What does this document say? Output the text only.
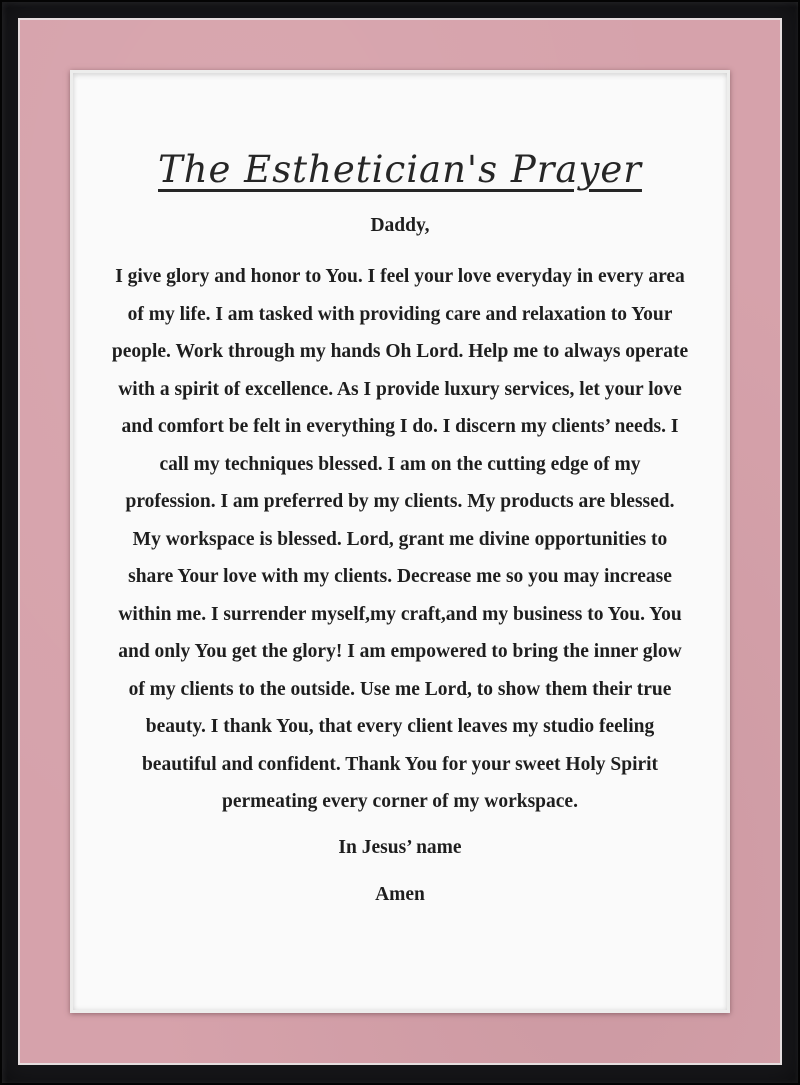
The Esthetician's Prayer

Daddy,

I give glory and honor to You. I feel your love everyday in every area
of my life. I am tasked with providing care and relaxation to Your
people. Work through my hands Oh Lord. Help me to always operate
with a spirit of excellence. As I provide luxury services, let your love
and comfort be felt in everything I do. I discern my clients’ needs. I
call my techniques blessed. I am on the cutting edge of my
profession. I am preferred by my clients. My products are blessed.
My workspace is blessed. Lord, grant me divine opportunities to
share Your love with my clients. Decrease me so you may increase
within me. I surrender myself,my craft,and my business to You. You
and only You get the glory! I am empowered to bring the inner glow
of my clients to the outside. Use me Lord, to show them their true
beauty. I thank You, that every client leaves my studio feeling
beautiful and confident. Thank You for your sweet Holy Spirit
permeating every corner of my workspace.

In Jesus’ name

Amen
